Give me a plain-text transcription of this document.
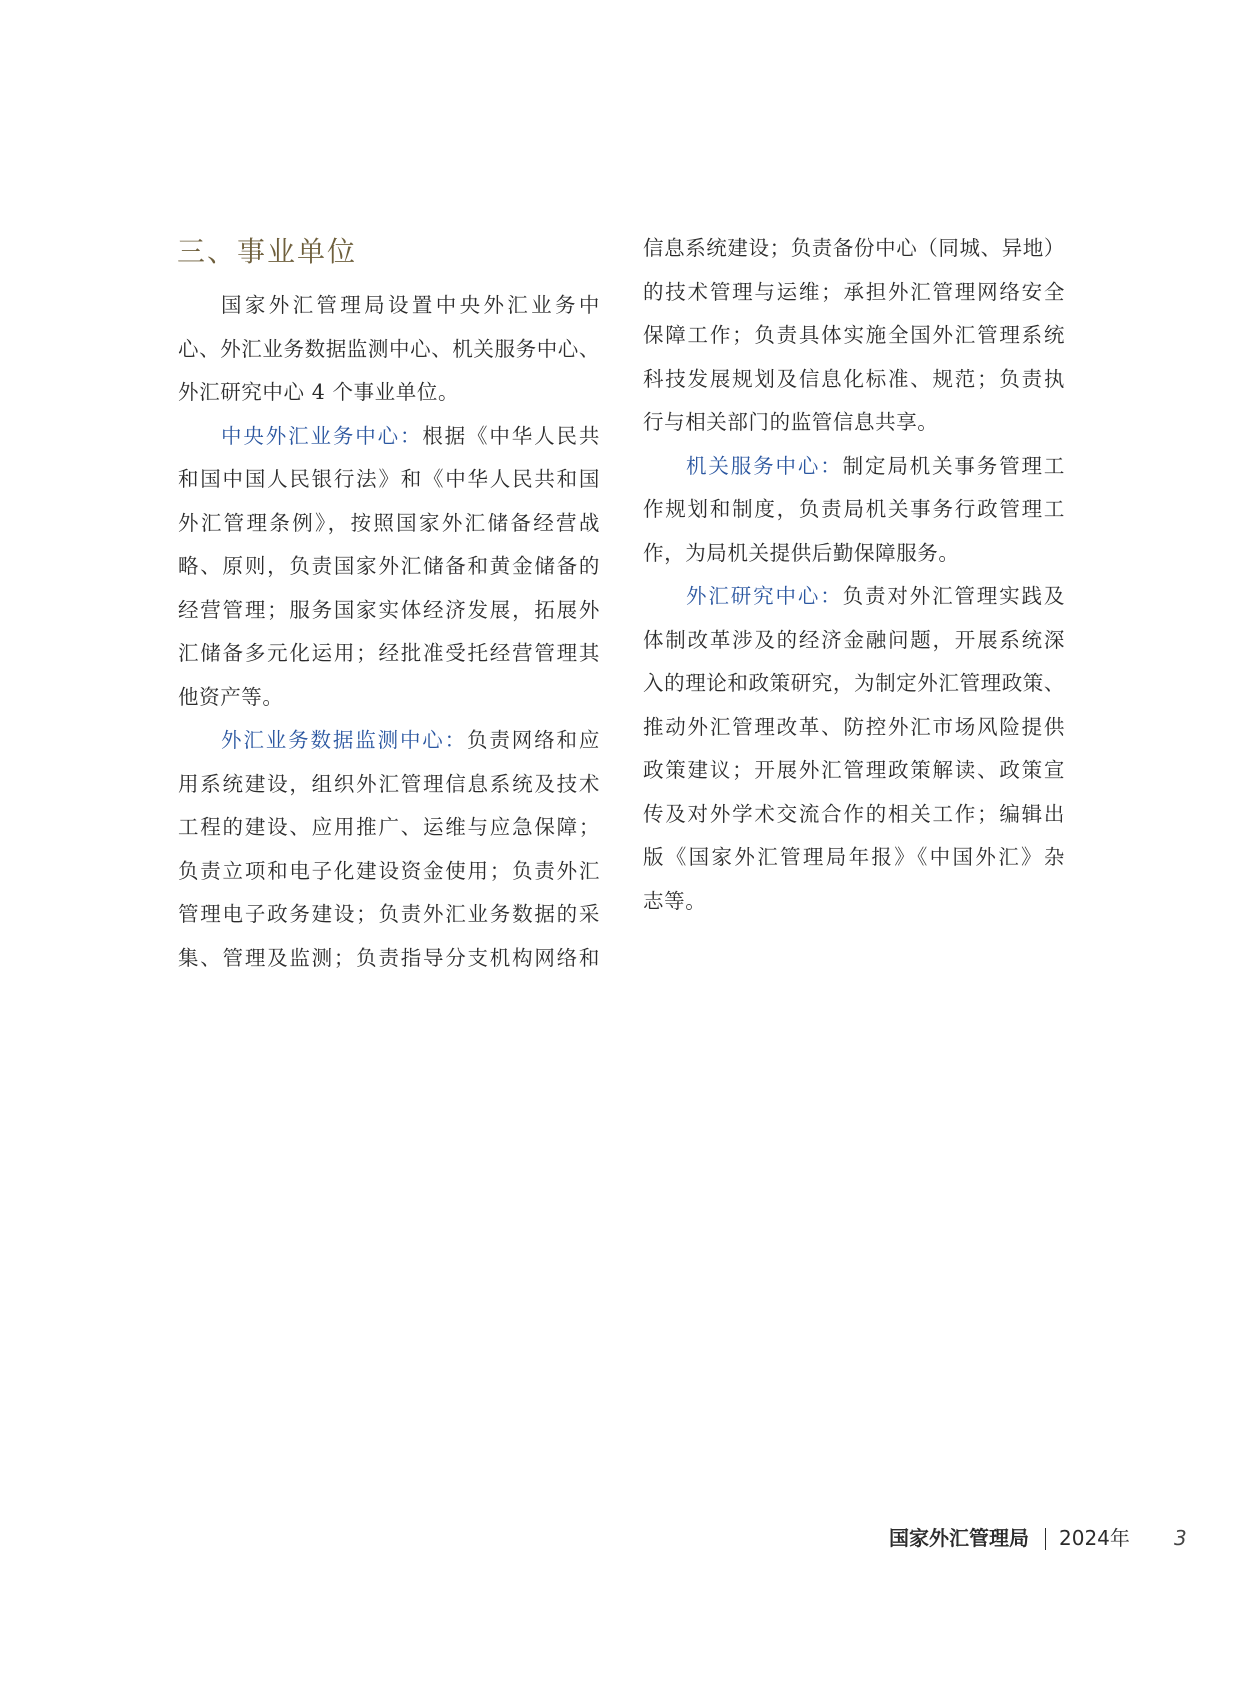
三、事业单位
国家外汇管理局设置中央外汇业务中
心、外汇业务数据监测中心、机关服务中心、
外汇研究中心 4 个事业单位。
中央外汇业务中心：根据《中华人民共
和国中国人民银行法》和《中华人民共和国
外汇管理条例》，按照国家外汇储备经营战
略、原则，负责国家外汇储备和黄金储备的
经营管理；服务国家实体经济发展，拓展外
汇储备多元化运用；经批准受托经营管理其
他资产等。
外汇业务数据监测中心：负责网络和应
用系统建设，组织外汇管理信息系统及技术
工程的建设、应用推广、运维与应急保障；
负责立项和电子化建设资金使用；负责外汇
管理电子政务建设；负责外汇业务数据的采
集、管理及监测；负责指导分支机构网络和
信息系统建设；负责备份中心（同城、异地）
的技术管理与运维；承担外汇管理网络安全
保障工作；负责具体实施全国外汇管理系统
科技发展规划及信息化标准、规范；负责执
行与相关部门的监管信息共享。
机关服务中心：制定局机关事务管理工
作规划和制度，负责局机关事务行政管理工
作，为局机关提供后勤保障服务。
外汇研究中心：负责对外汇管理实践及
体制改革涉及的经济金融问题，开展系统深
入的理论和政策研究，为制定外汇管理政策、
推动外汇管理改革、防控外汇市场风险提供
政策建议；开展外汇管理政策解读、政策宣
传及对外学术交流合作的相关工作；编辑出
版《国家外汇管理局年报》《中国外汇》杂
志等。
国家外汇管理局 2024年 3
